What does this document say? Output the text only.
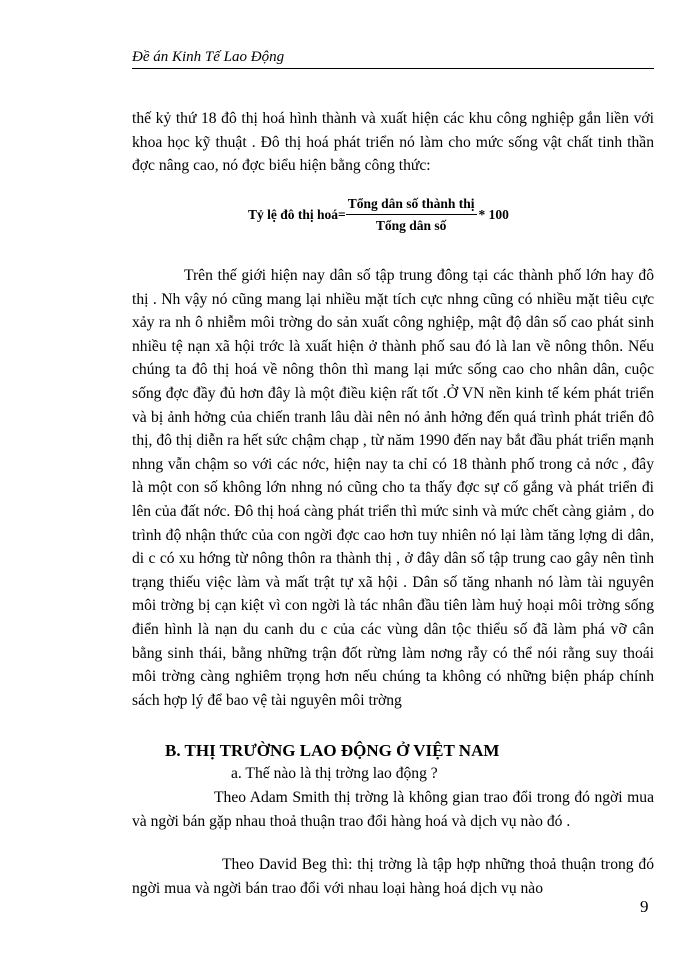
Đề án Kinh Tế Lao Động

thế kỷ thứ 18 đô thị hoá hình thành và xuất hiện các khu công nghiệp gắn liền với khoa học kỹ thuật . Đô thị hoá phát triển nó làm cho mức sống vật chất tinh thần đợc nâng cao, nó đợc biểu hiện bằng công thức:

Tỷ lệ đô thị hoá= $\frac{\text{Tổng dân số thành thị}}{\text{Tổng dân số}} * 100$

Trên thế giới hiện nay dân số tập trung đông tại các thành phố lớn hay đô thị . Nh vậy nó cũng mang lại nhiều mặt tích cực nhng cũng có nhiều mặt tiêu cực xảy ra nh ô nhiễm môi trờng do sản xuất công nghiệp, mật độ dân số cao phát sinh nhiều tệ nạn xã hội trớc là xuất hiện ở thành phố sau đó là lan về nông thôn. Nếu chúng ta đô thị hoá về nông thôn thì mang lại mức sống cao cho nhân dân, cuộc sống đợc đầy đủ hơn đây là một điều kiện rất tốt .Ở VN nền kinh tế kém phát triển và bị ảnh hởng của chiến tranh lâu dài nên nó ảnh hởng đến quá trình phát triển đô thị, đô thị diễn ra hết sức chậm chạp , từ năm 1990 đến nay bắt đầu phát triển mạnh nhng vẫn chậm so với các nớc, hiện nay ta chỉ có 18 thành phố trong cả nớc , đây là một con số không lớn nhng nó cũng cho ta thấy đợc sự cố gắng và phát triển đi lên của đất nớc. Đô thị hoá càng phát triển thì mức sinh và mức chết càng giảm , do trình độ nhận thức của con ngời đợc cao hơn tuy nhiên nó lại làm tăng lợng di dân, di c có xu hớng từ nông thôn ra thành thị , ở đây dân số tập trung cao gây nên tình trạng thiếu việc làm và mất trật tự xã hội . Dân số tăng nhanh nó làm tài nguyên môi trờng bị cạn kiệt vì con ngời là tác nhân đầu tiên làm huỷ hoại môi trờng sống điển hình là nạn du canh du c của các vùng dân tộc thiểu số đã làm phá vỡ cân bằng sinh thái, bằng những trận đốt rừng làm nơng rẫy có thể nói rằng suy thoái môi trờng càng nghiêm trọng hơn nếu chúng ta không có những biện pháp chính sách hợp lý để bao vệ tài nguyên môi trờng

B. THỊ TRƯỜNG LAO ĐỘNG Ở VIỆT NAM
a. Thế nào là thị trờng lao động ?

Theo Adam Smith thị trờng là không gian trao đổi trong đó ngời mua và ngời bán gặp nhau thoả thuận trao đổi hàng hoá và dịch vụ nào đó .

Theo David Beg thì: thị trờng là tập hợp những thoả thuận trong đó ngời mua và ngời bán trao đổi với nhau loại hàng hoá dịch vụ nào

9
